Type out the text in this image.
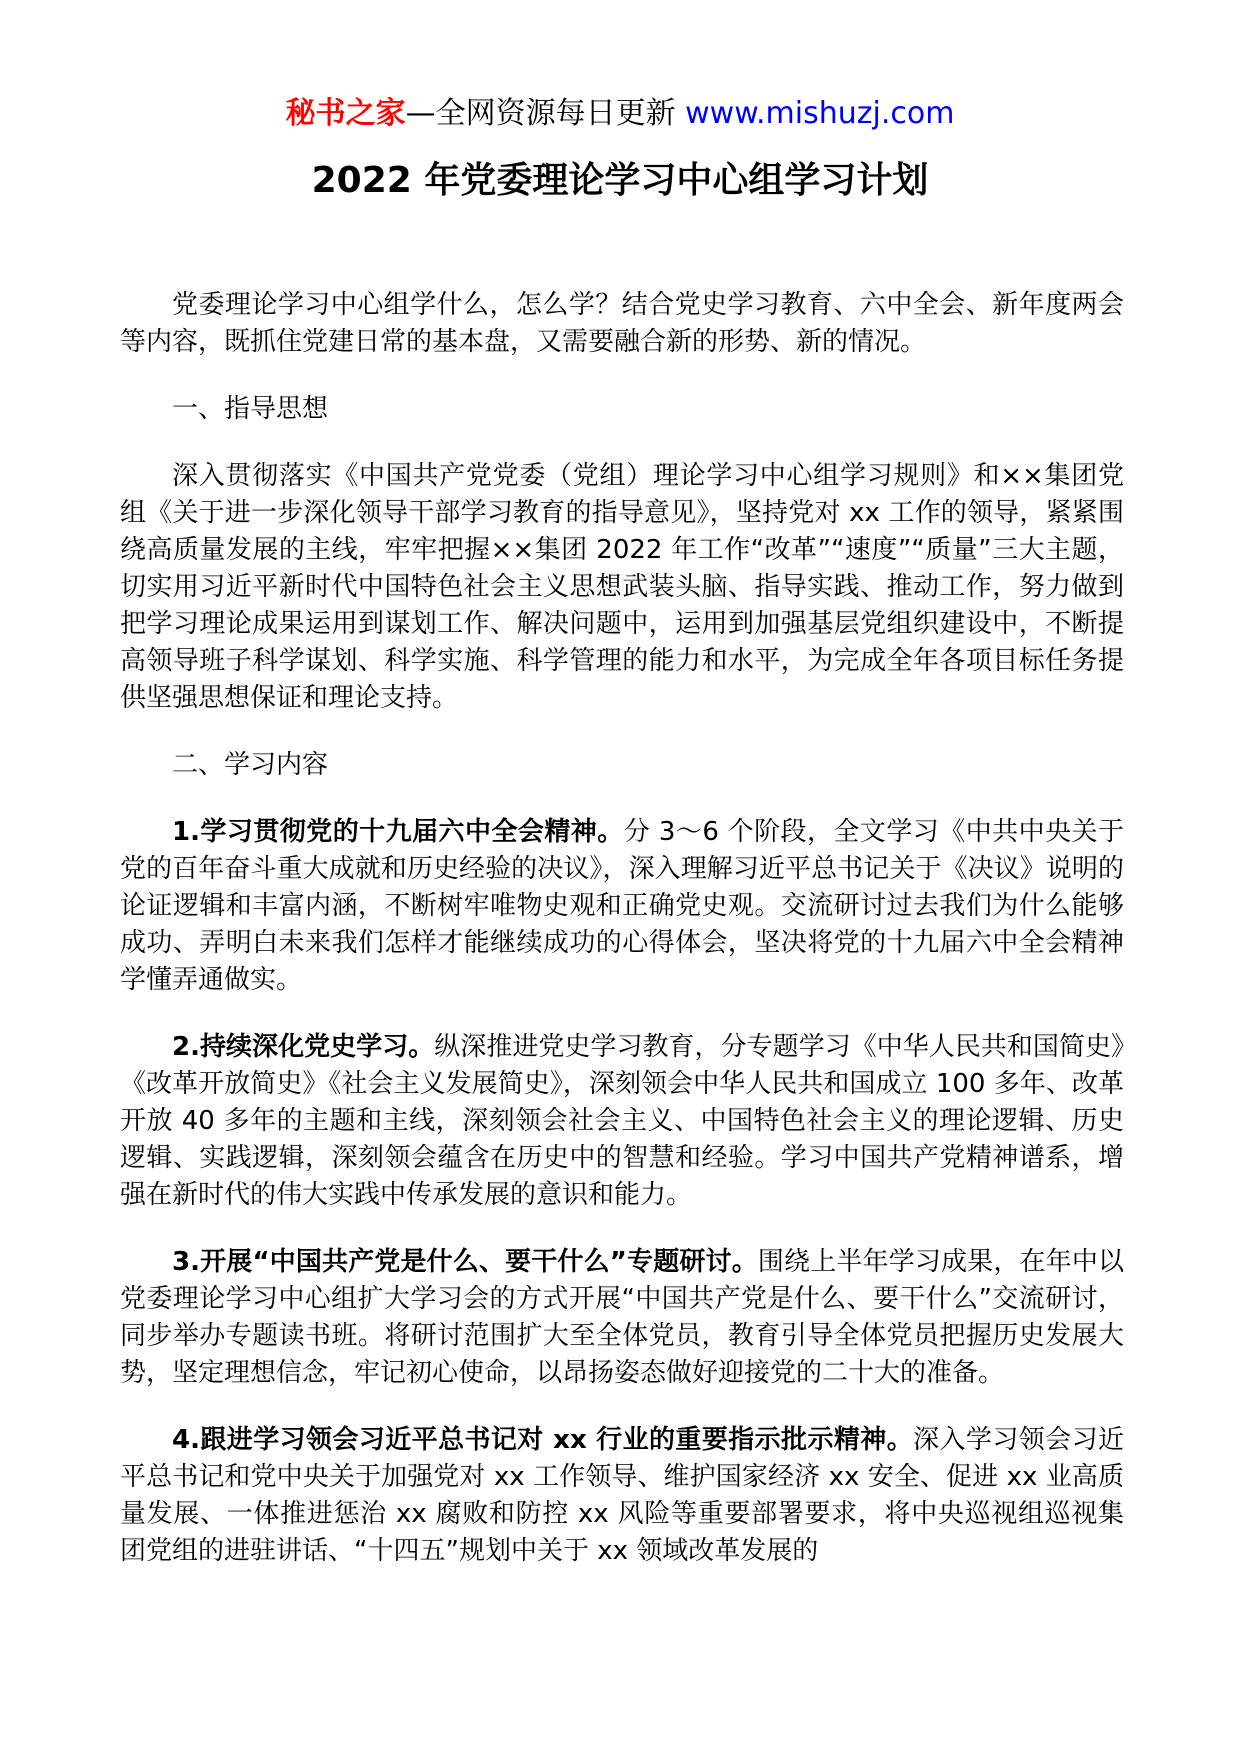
秘书之家—全网资源每日更新 www.mishuzj.com
2022 年党委理论学习中心组学习计划

党委理论学习中心组学什么，怎么学？结合党史学习教育、六中全会、新年度两会等内容，既抓住党建日常的基本盘，又需要融合新的形势、新的情况。

一、指导思想

深入贯彻落实《中国共产党党委（党组）理论学习中心组学习规则》和××集团党组《关于进一步深化领导干部学习教育的指导意见》，坚持党对 xx 工作的领导，紧紧围绕高质量发展的主线，牢牢把握××集团 2022 年工作“改革”“速度”“质量”三大主题，切实用习近平新时代中国特色社会主义思想武装头脑、指导实践、推动工作，努力做到把学习理论成果运用到谋划工作、解决问题中，运用到加强基层党组织建设中，不断提高领导班子科学谋划、科学实施、科学管理的能力和水平，为完成全年各项目标任务提供坚强思想保证和理论支持。

二、学习内容

1.学习贯彻党的十九届六中全会精神。分 3～6 个阶段，全文学习《中共中央关于党的百年奋斗重大成就和历史经验的决议》，深入理解习近平总书记关于《决议》说明的论证逻辑和丰富内涵，不断树牢唯物史观和正确党史观。交流研讨过去我们为什么能够成功、弄明白未来我们怎样才能继续成功的心得体会，坚决将党的十九届六中全会精神学懂弄通做实。

2.持续深化党史学习。纵深推进党史学习教育，分专题学习《中华人民共和国简史》《改革开放简史》《社会主义发展简史》，深刻领会中华人民共和国成立 100 多年、改革开放 40 多年的主题和主线，深刻领会社会主义、中国特色社会主义的理论逻辑、历史逻辑、实践逻辑，深刻领会蕴含在历史中的智慧和经验。学习中国共产党精神谱系，增强在新时代的伟大实践中传承发展的意识和能力。

3.开展“中国共产党是什么、要干什么”专题研讨。围绕上半年学习成果，在年中以党委理论学习中心组扩大学习会的方式开展“中国共产党是什么、要干什么”交流研讨，同步举办专题读书班。将研讨范围扩大至全体党员，教育引导全体党员把握历史发展大势，坚定理想信念，牢记初心使命，以昂扬姿态做好迎接党的二十大的准备。

4.跟进学习领会习近平总书记对 xx 行业的重要指示批示精神。深入学习领会习近平总书记和党中央关于加强党对 xx 工作领导、维护国家经济 xx 安全、促进 xx 业高质量发展、一体推进惩治 xx 腐败和防控 xx 风险等重要部署要求，将中央巡视组巡视集团党组的进驻讲话、“十四五”规划中关于 xx 领域改革发展的
